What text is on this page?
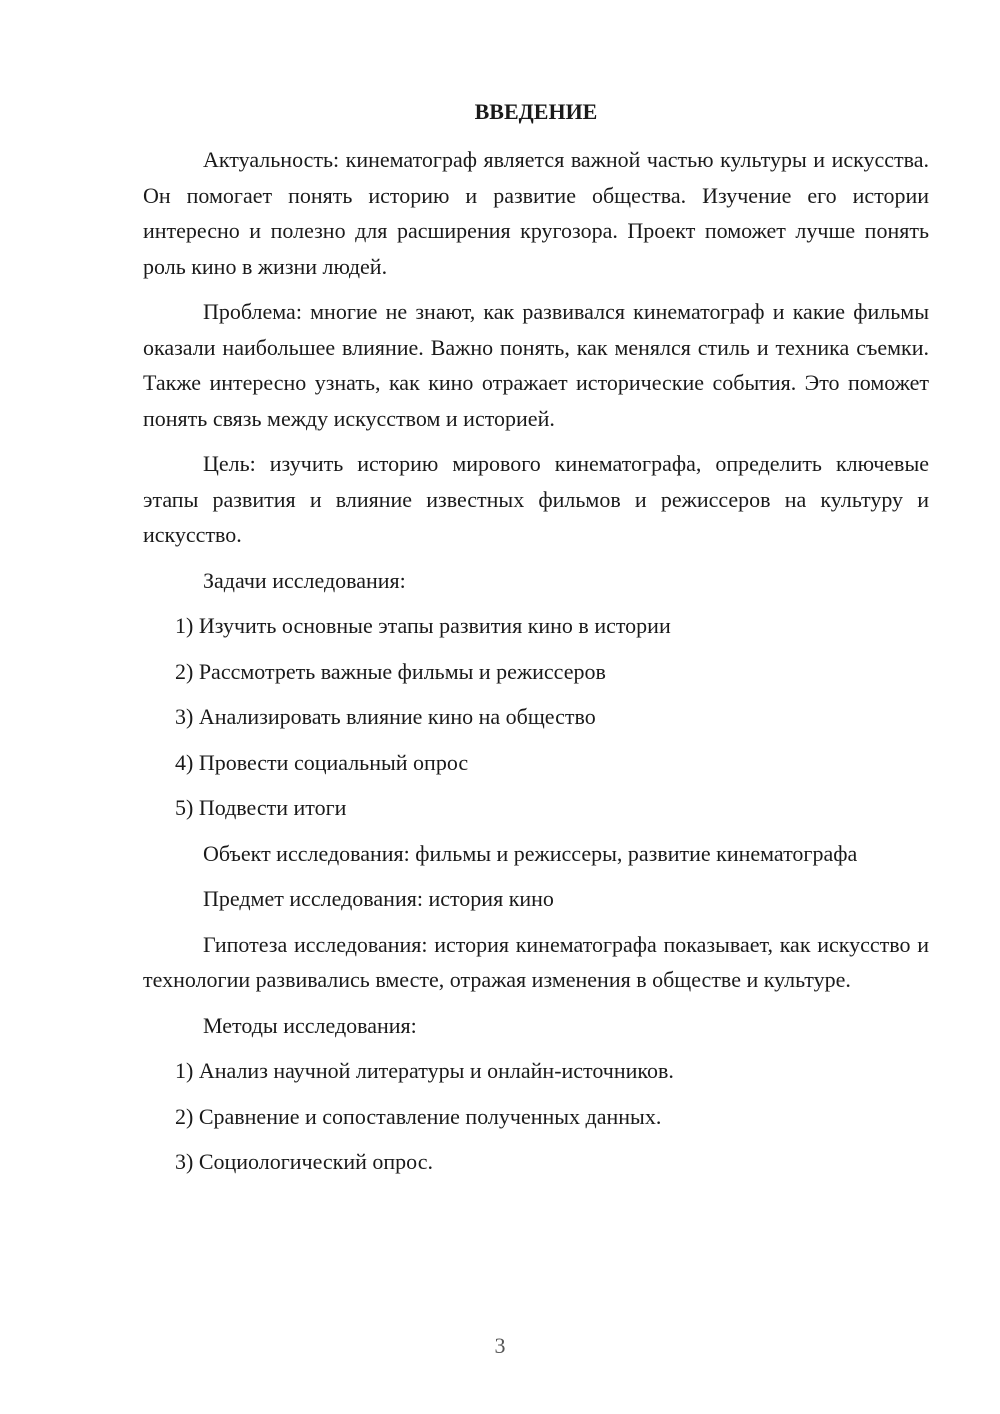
ВВЕДЕНИЕ

Актуальность: кинематограф является важной частью культуры и искусства. Он помогает понять историю и развитие общества. Изучение его истории интересно и полезно для расширения кругозора. Проект поможет лучше понять роль кино в жизни людей.

Проблема: многие не знают, как развивался кинематограф и какие фильмы оказали наибольшее влияние. Важно понять, как менялся стиль и техника съемки. Также интересно узнать, как кино отражает исторические события. Это поможет понять связь между искусством и историей.

Цель: изучить историю мирового кинематографа, определить ключевые этапы развития и влияние известных фильмов и режиссеров на культуру и искусство.

Задачи исследования:

1) Изучить основные этапы развития кино в истории

2) Рассмотреть важные фильмы и режиссеров

3) Анализировать влияние кино на общество

4) Провести социальный опрос

5) Подвести итоги

Объект исследования: фильмы и режиссеры, развитие кинематографа

Предмет исследования: история кино

Гипотеза исследования: история кинематографа показывает, как искусство и технологии развивались вместе, отражая изменения в обществе и культуре.

Методы исследования:

1) Анализ научной литературы и онлайн-источников.

2) Сравнение и сопоставление полученных данных.

3) Социологический опрос.

3
